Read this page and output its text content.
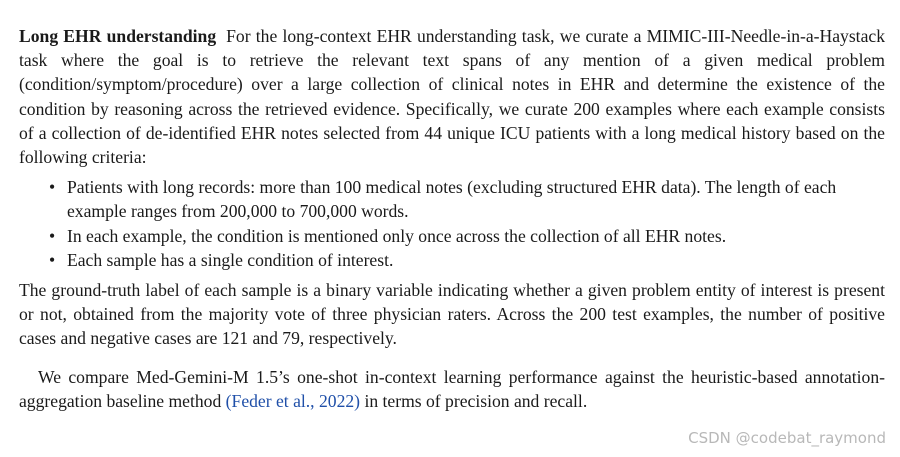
Long EHR understanding For the long-context EHR understanding task, we curate a MIMIC-III-Needle-in-a-Haystack task where the goal is to retrieve the relevant text spans of any mention of a given medical problem (condition/symptom/procedure) over a large collection of clinical notes in EHR and determine the existence of the condition by reasoning across the retrieved evidence. Specifically, we curate 200 examples where each example consists of a collection of de-identified EHR notes selected from 44 unique ICU patients with a long medical history based on the following criteria:

• Patients with long records: more than 100 medical notes (excluding structured EHR data). The length of each example ranges from 200,000 to 700,000 words.
• In each example, the condition is mentioned only once across the collection of all EHR notes.
• Each sample has a single condition of interest.

The ground-truth label of each sample is a binary variable indicating whether a given problem entity of interest is present or not, obtained from the majority vote of three physician raters. Across the 200 test examples, the number of positive cases and negative cases are 121 and 79, respectively.

We compare Med-Gemini-M 1.5’s one-shot in-context learning performance against the heuristic-based annotation-aggregation baseline method (Feder et al., 2022) in terms of precision and recall.

CSDN @codebat_raymond
